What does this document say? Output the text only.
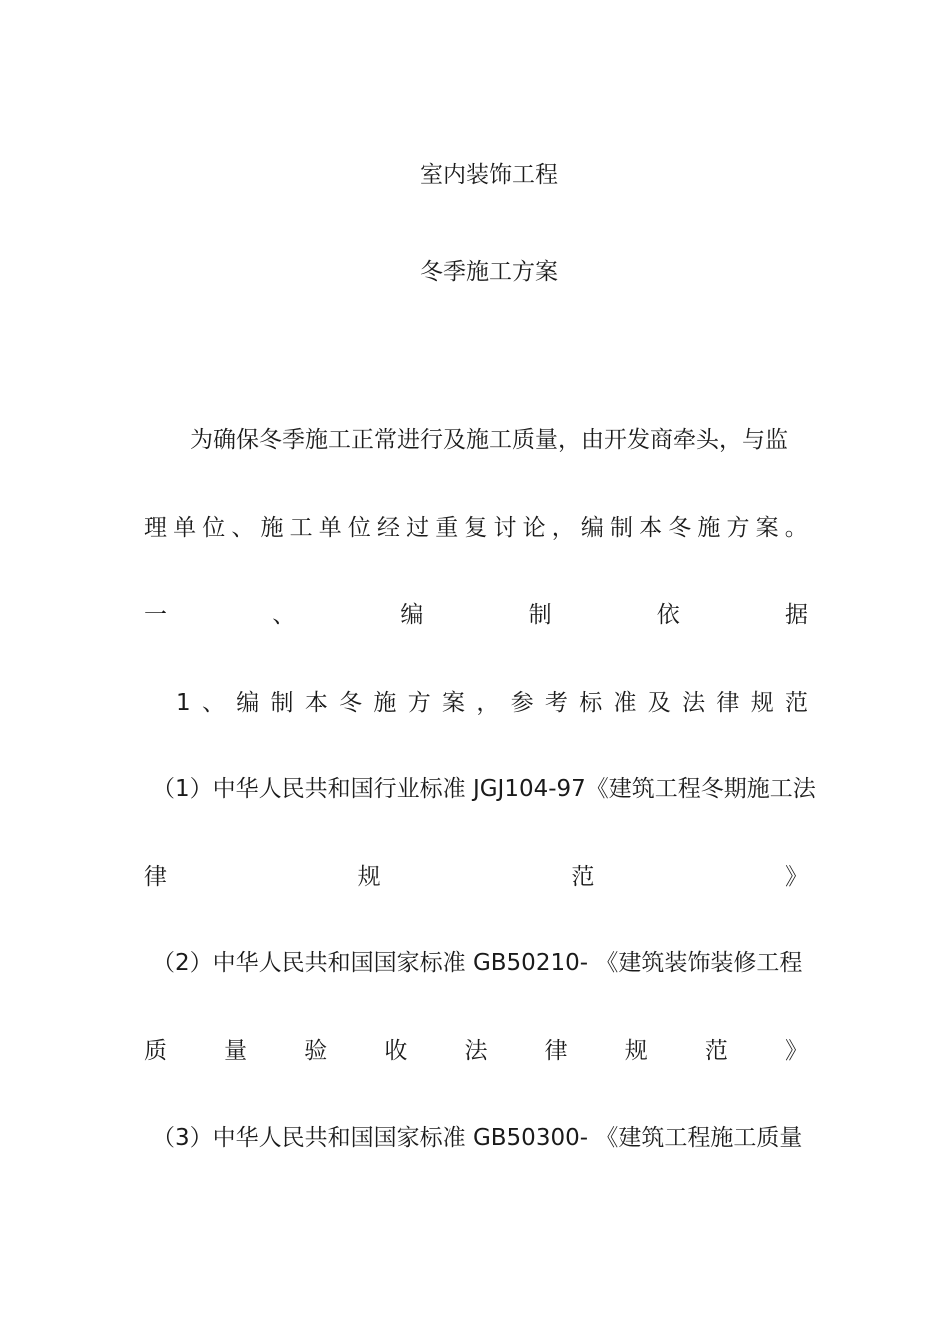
室内装饰工程
冬季施工方案
为确保冬季施工正常进行及施工质量，由开发商牵头，与监
理 单 位 、 施 工 单 位 经 过 重 复 讨 论 ， 编 制 本 冬 施 方 案 。
一	、	编	制	依	据
1 、 编 制 本 冬 施 方 案 ， 参 考 标 准 及 法 律 规 范
（1）中华人民共和国行业标准 JGJ104-97《建筑工程冬期施工法
律	规	范	》
（2）中华人民共和国国家标准 GB50210- 《建筑装饰装修工程
质 量 验 收 法 律 规 范 》
（3）中华人民共和国国家标准 GB50300- 《建筑工程施工质量
